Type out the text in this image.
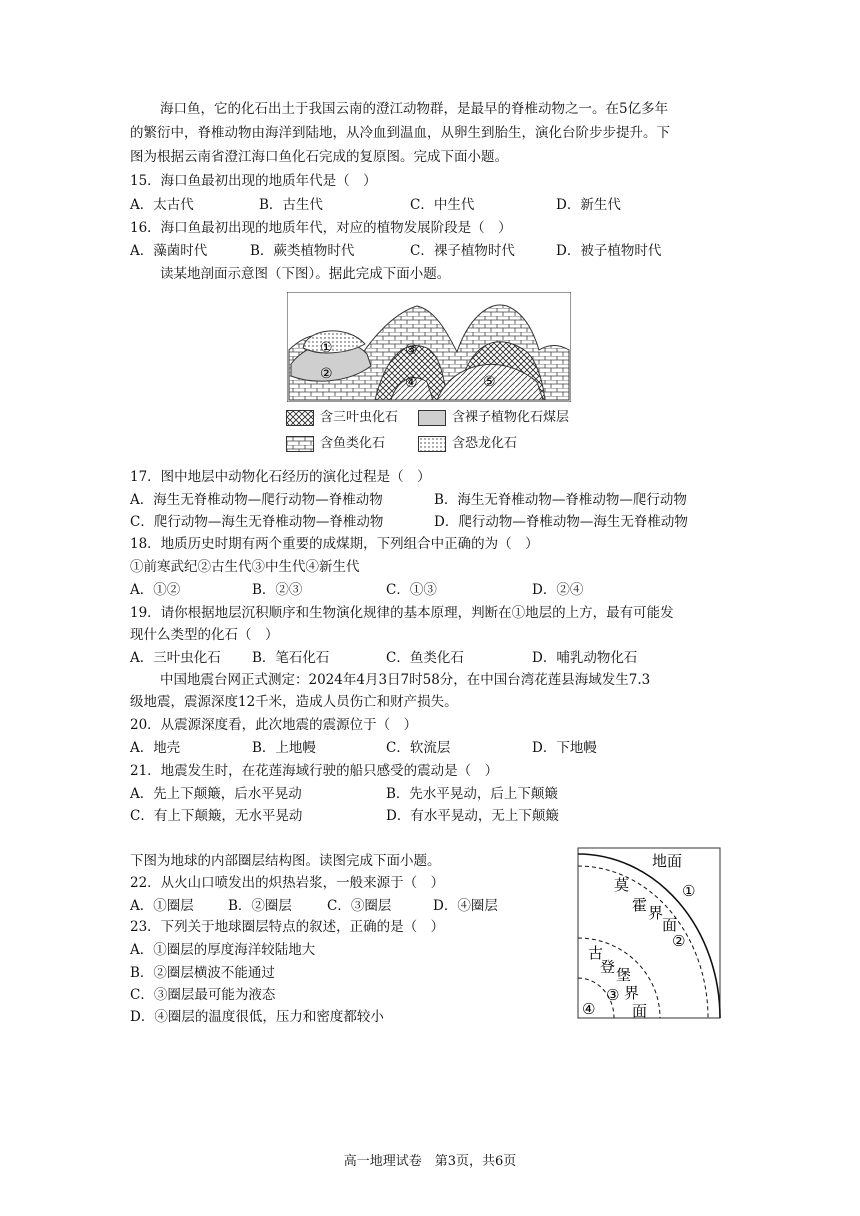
海口鱼，它的化石出土于我国云南的澄江动物群，是最早的脊椎动物之一。在5亿多年
的繁衍中，脊椎动物由海洋到陆地，从冷血到温血，从卵生到胎生，演化台阶步步提升。下
图为根据云南省澄江海口鱼化石完成的复原图。完成下面小题。
15．海口鱼最初出现的地质年代是（　）
A．太古代	B．古生代	C．中生代	D．新生代
16．海口鱼最初出现的地质年代，对应的植物发展阶段是（　）
A．藻菌时代	B．蕨类植物时代	C．裸子植物时代	D．被子植物时代
读某地剖面示意图（下图）。据此完成下面小题。
①
②
③
④	⑤
含三叶虫化石	含裸子植物化石煤层
含鱼类化石	含恐龙化石
17．图中地层中动物化石经历的演化过程是（　）
A．海生无脊椎动物—爬行动物—脊椎动物	B．海生无脊椎动物—脊椎动物—爬行动物
C．爬行动物—海生无脊椎动物—脊椎动物	D．爬行动物—脊椎动物—海生无脊椎动物
18．地质历史时期有两个重要的成煤期，下列组合中正确的为（　）
①前寒武纪②古生代③中生代④新生代
A．①②	B．②③	C．①③	D．②④
19．请你根据地层沉积顺序和生物演化规律的基本原理，判断在①地层的上方，最有可能发
现什么类型的化石（　）
A．三叶虫化石 B．笔石化石	C．鱼类化石	D．哺乳动物化石
中国地震台网正式测定：2024年4月3日7时58分，在中国台湾花莲县海域发生7.3
级地震，震源深度12千米，造成人员伤亡和财产损失。
20．从震源深度看，此次地震的震源位于（　）
A．地壳	B．上地幔	C．软流层	D．下地幔
21．地震发生时，在花莲海域行驶的船只感受的震动是（　）
A．先上下颠簸，后水平晃动	B．先水平晃动，后上下颠簸
C．有上下颠簸，无水平晃动	D．有水平晃动，无上下颠簸
下图为地球的内部圈层结构图。读图完成下面小题。
22．从火山口喷发出的炽热岩浆，一般来源于（　）
A．①圈层	B．②圈层	C．③圈层	D．④圈层
23．下列关于地球圈层特点的叙述，正确的是（　）
A．①圈层的厚度海洋较陆地大
B．②圈层横波不能通过
C．③圈层最可能为液态
D．④圈层的温度很低，压力和密度都较小
地面
莫
霍 界
面
①
②
古
登 堡
界
面
③
④
高一地理试卷　第3页，共6页
